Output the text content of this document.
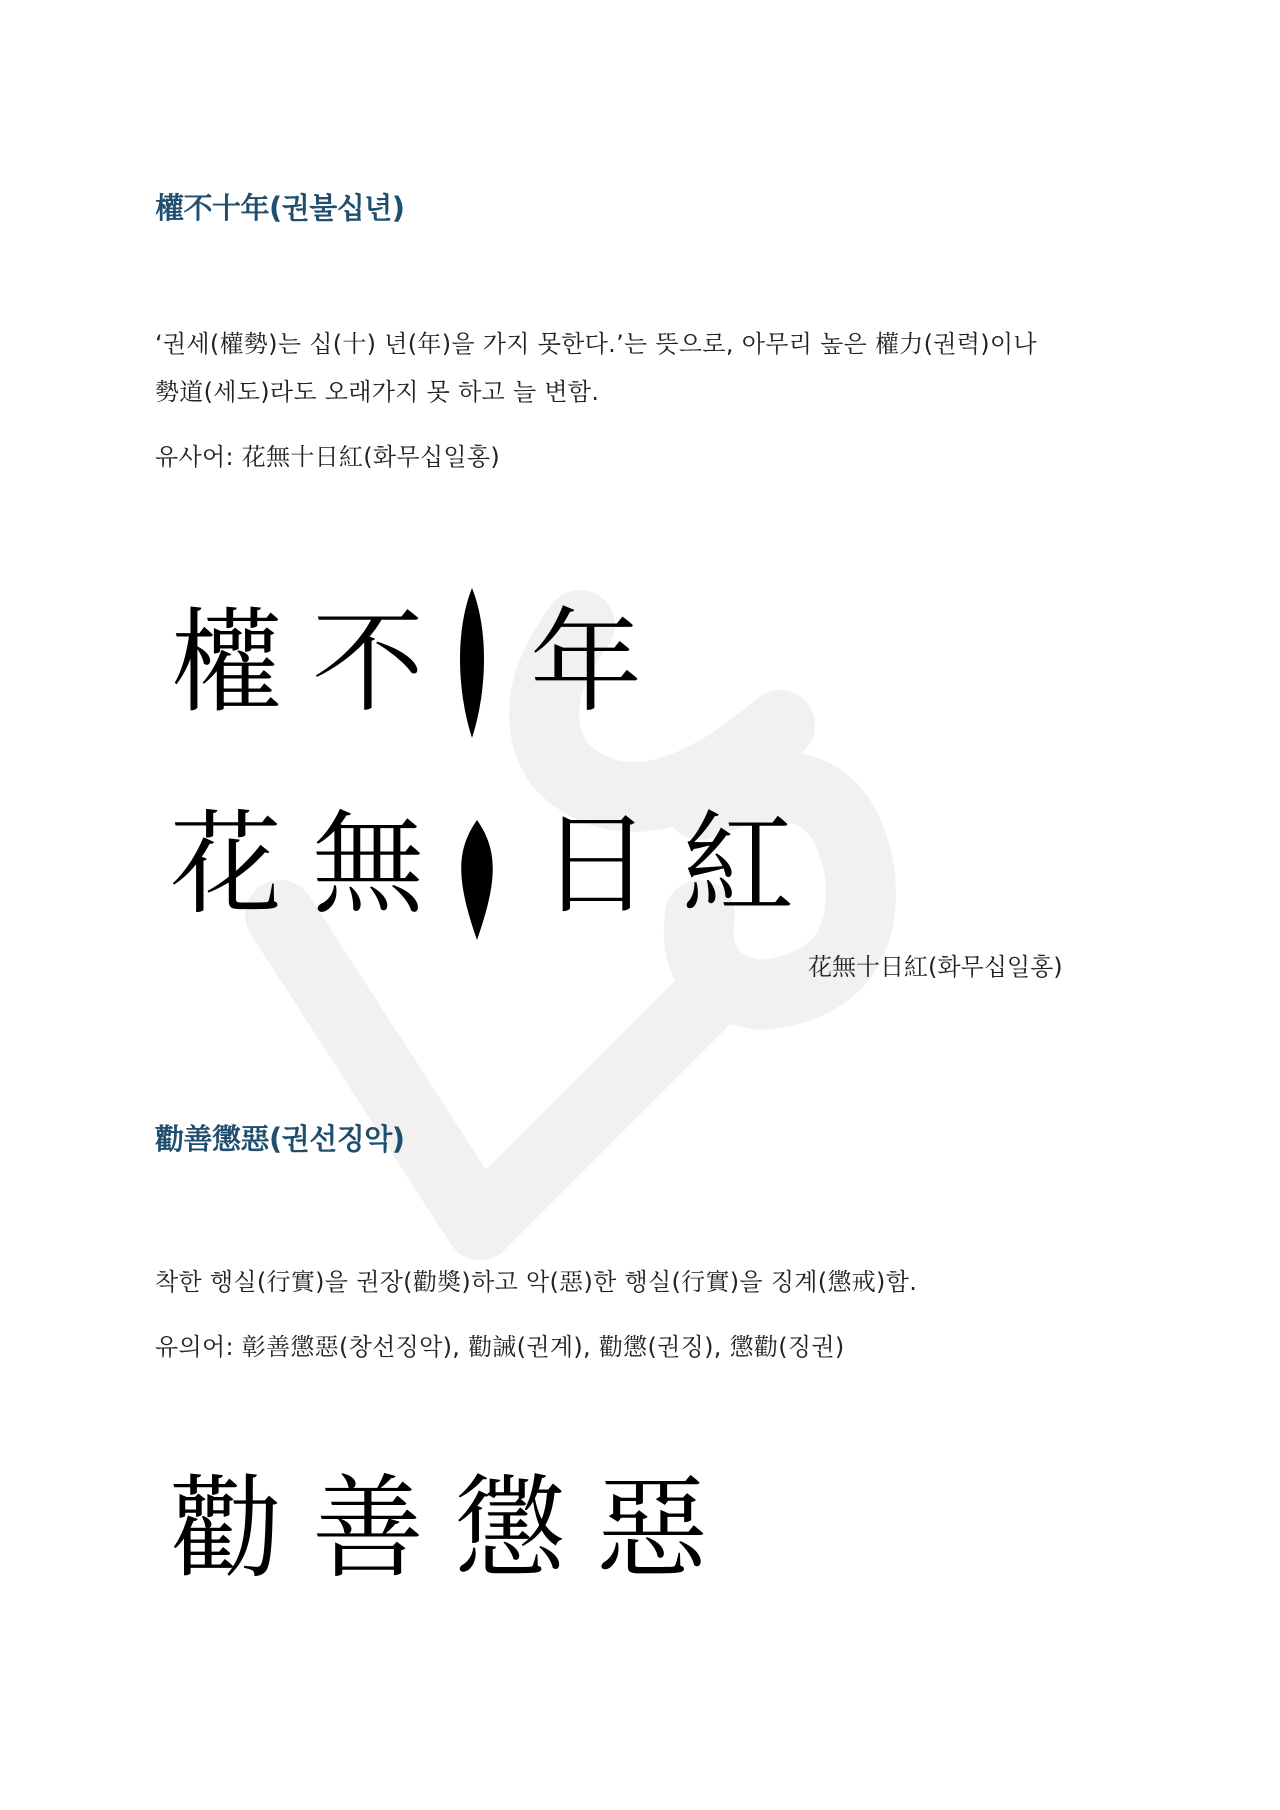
權不十年(권불십년)

‘권세(權勢)는 십(十) 년(年)을 가지 못한다.’는 뜻으로, 아무리 높은 權力(권력)이나

勢道(세도)라도 오래가지 못 하고 늘 변함.

유사어: 花無十日紅(화무십일홍)

權 不 年
花 無 日 紅

花無十日紅(화무십일홍)

勸善懲惡(권선징악)

착한 행실(行實)을 권장(勸奬)하고 악(惡)한 행실(行實)을 징계(懲戒)함.

유의어: 彰善懲惡(창선징악), 勸誡(권계), 勸懲(권징), 懲勸(징권)

勸 善 懲 惡
